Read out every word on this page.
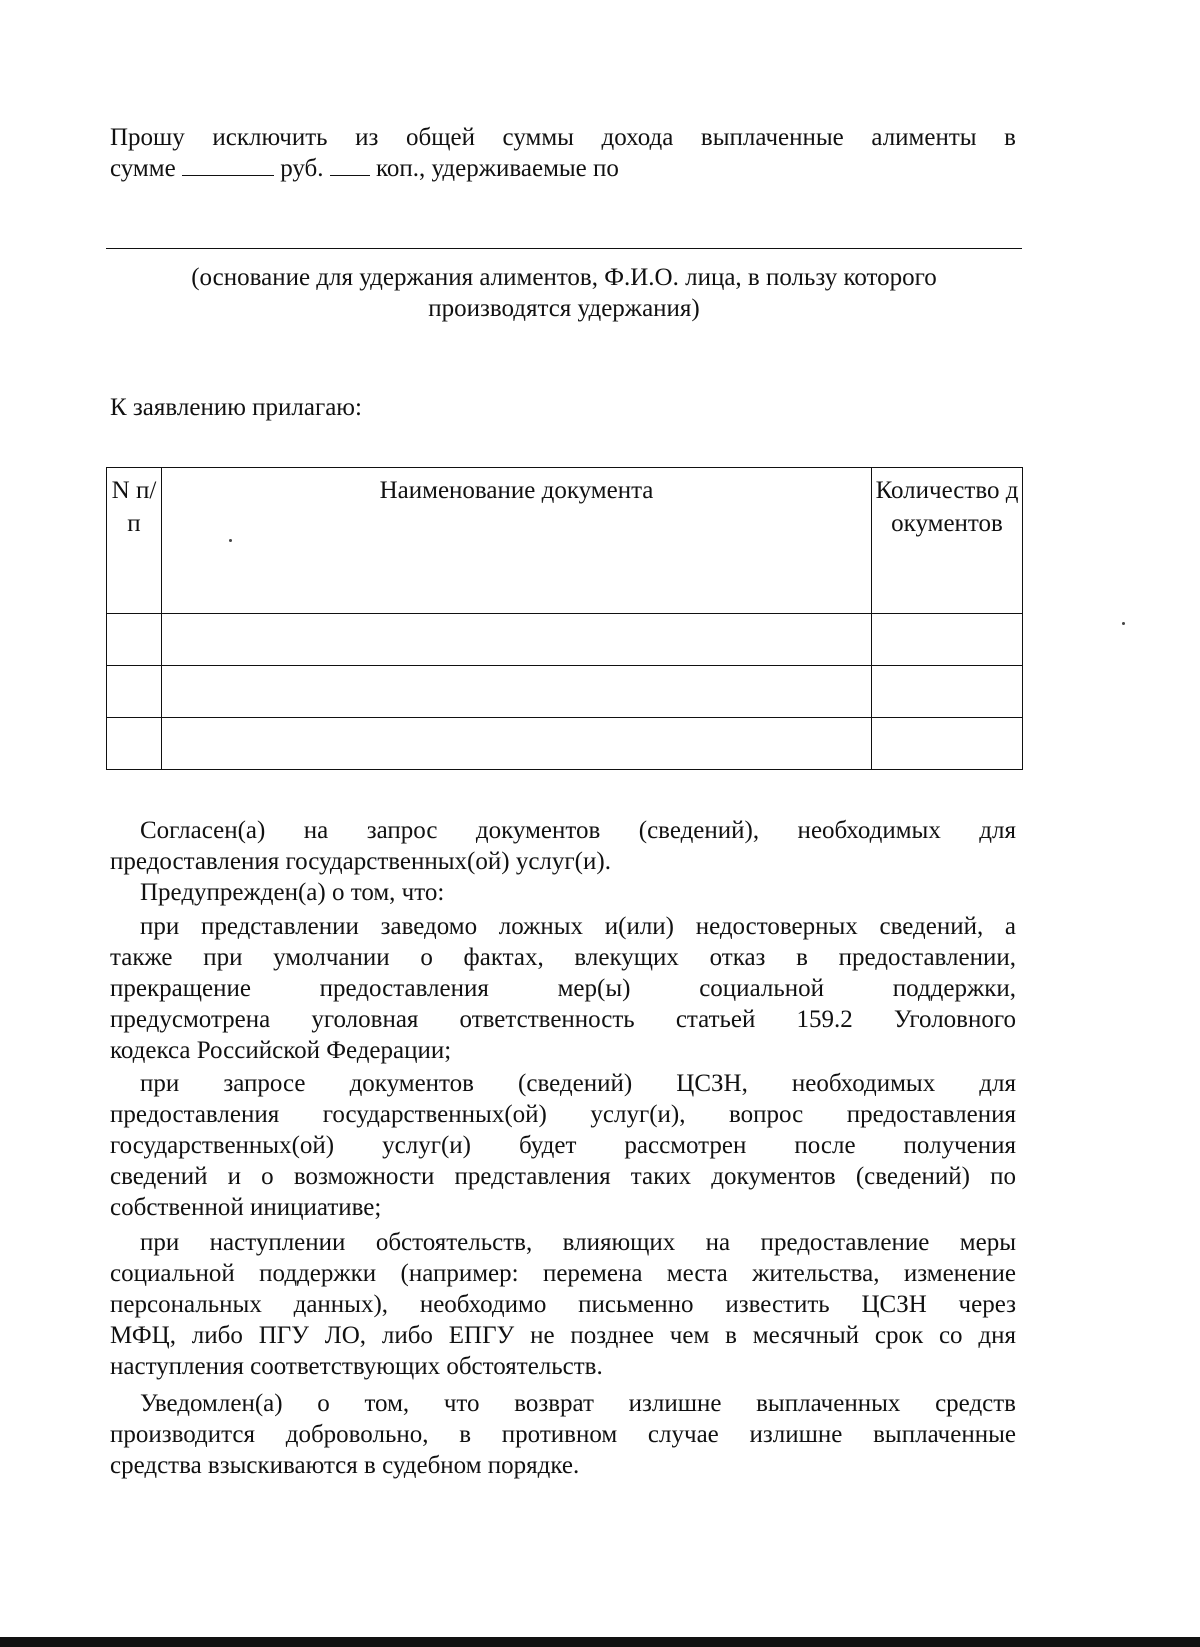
Прошу исключить из общей суммы дохода выплаченные алименты в
сумме	руб. коп., удерживаемые по
(основание для удержания алиментов, Ф.И.О. лица, в пользу которого
производятся удержания)
К заявлению прилагаю:
N п/п	Наименование документа	Количество документов

Согласен(а) на запрос документов (сведений), необходимых для
предоставления государственных(ой) услуг(и).
Предупрежден(а) о том, что:
при представлении заведомо ложных и(или) недостоверных сведений, а
также при умолчании о фактах, влекущих отказ в предоставлении,
прекращение предоставления мер(ы) социальной поддержки,
предусмотрена уголовная ответственность статьей 159.2 Уголовного
кодекса Российской Федерации;
при запросе документов (сведений) ЦСЗН, необходимых для
предоставления государственных(ой) услуг(и), вопрос предоставления
государственных(ой) услуг(и) будет рассмотрен после получения
сведений и о возможности представления таких документов (сведений) по
собственной инициативе;
при наступлении обстоятельств, влияющих на предоставление меры
социальной поддержки (например: перемена места жительства, изменение
персональных данных), необходимо письменно известить ЦСЗН через
МФЦ, либо ПГУ ЛО, либо ЕПГУ не позднее чем в месячный срок со дня
наступления соответствующих обстоятельств.
Уведомлен(а) о том, что возврат излишне выплаченных средств
производится добровольно, в противном случае излишне выплаченные
средства взыскиваются в судебном порядке.
